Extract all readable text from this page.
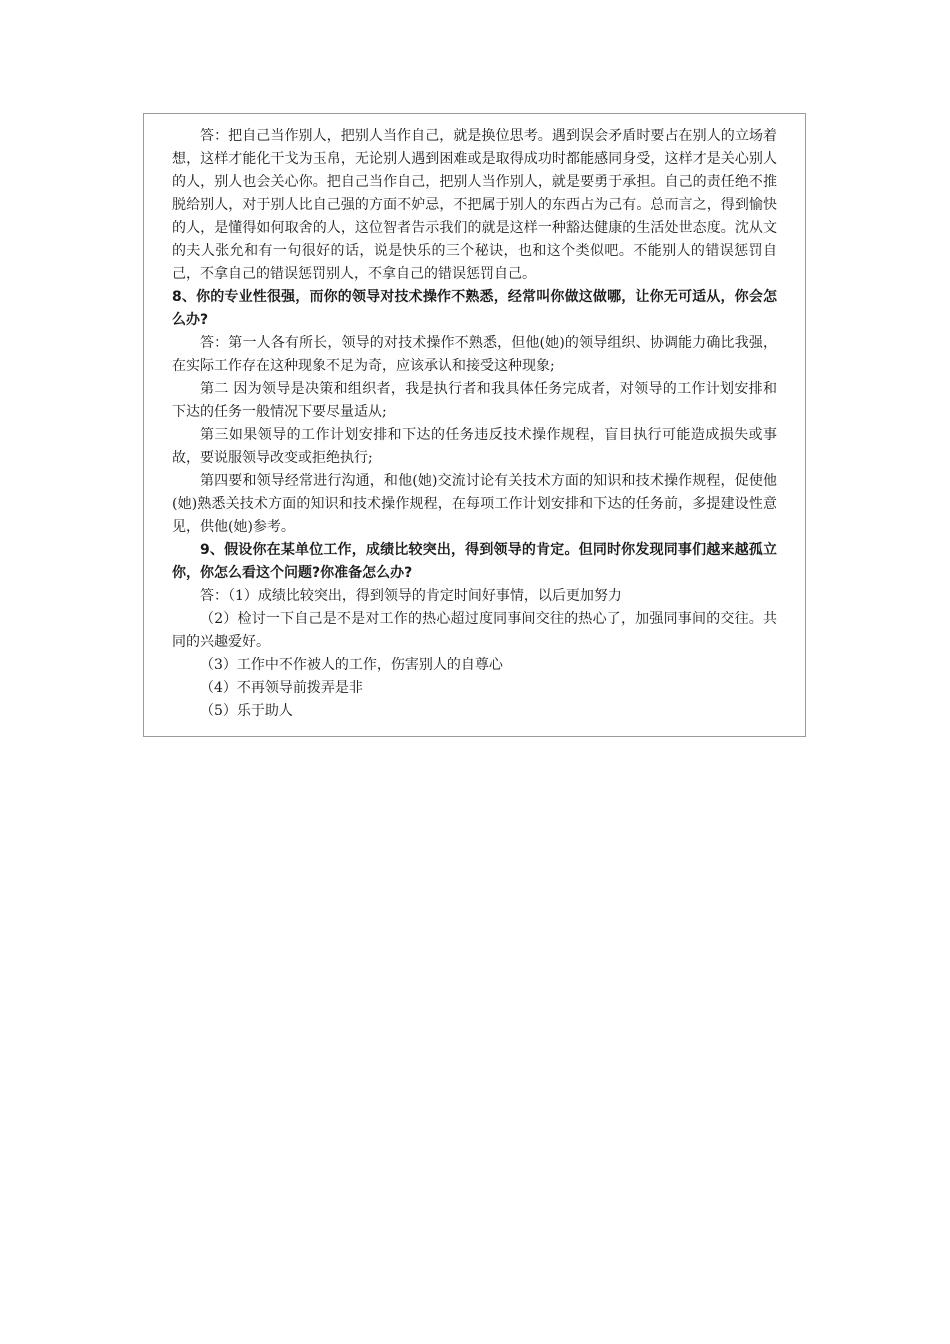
答：把自己当作别人，把别人当作自己，就是换位思考。遇到误会矛盾时要占在别人的立场着想，这样才能化干戈为玉帛，无论别人遇到困难或是取得成功时都能感同身受，这样才是关心别人的人，别人也会关心你。把自己当作自己，把别人当作别人，就是要勇于承担。自己的责任绝不推脱给别人，对于别人比自己强的方面不妒忌，不把属于别人的东西占为己有。总而言之，得到愉快的人，是懂得如何取舍的人，这位智者告示我们的就是这样一种豁达健康的生活处世态度。沈从文的夫人张允和有一句很好的话，说是快乐的三个秘诀，也和这个类似吧。不能别人的错误惩罚自己，不拿自己的错误惩罚别人，不拿自己的错误惩罚自己。

8、你的专业性很强，而你的领导对技术操作不熟悉，经常叫你做这做哪，让你无可适从，你会怎么办?

答：第一人各有所长，领导的对技术操作不熟悉，但他(她)的领导组织、协调能力确比我强，在实际工作存在这种现象不足为奇，应该承认和接受这种现象;

第二 因为领导是决策和组织者，我是执行者和我具体任务完成者，对领导的工作计划安排和下达的任务一般情况下要尽量适从;

第三如果领导的工作计划安排和下达的任务违反技术操作规程，盲目执行可能造成损失或事故，要说服领导改变或拒绝执行;

第四要和领导经常进行沟通，和他(她)交流讨论有关技术方面的知识和技术操作规程，促使他(她)熟悉关技术方面的知识和技术操作规程，在每项工作计划安排和下达的任务前，多提建设性意见，供他(她)参考。

9、假设你在某单位工作，成绩比较突出，得到领导的肯定。但同时你发现同事们越来越孤立你，你怎么看这个问题?你准备怎么办?

答：（1）成绩比较突出，得到领导的肯定时间好事情，以后更加努力

（2）检讨一下自己是不是对工作的热心超过度同事间交往的热心了，加强同事间的交往。共同的兴趣爱好。

（3）工作中不作被人的工作，伤害别人的自尊心

（4）不再领导前拨弄是非

（5）乐于助人
